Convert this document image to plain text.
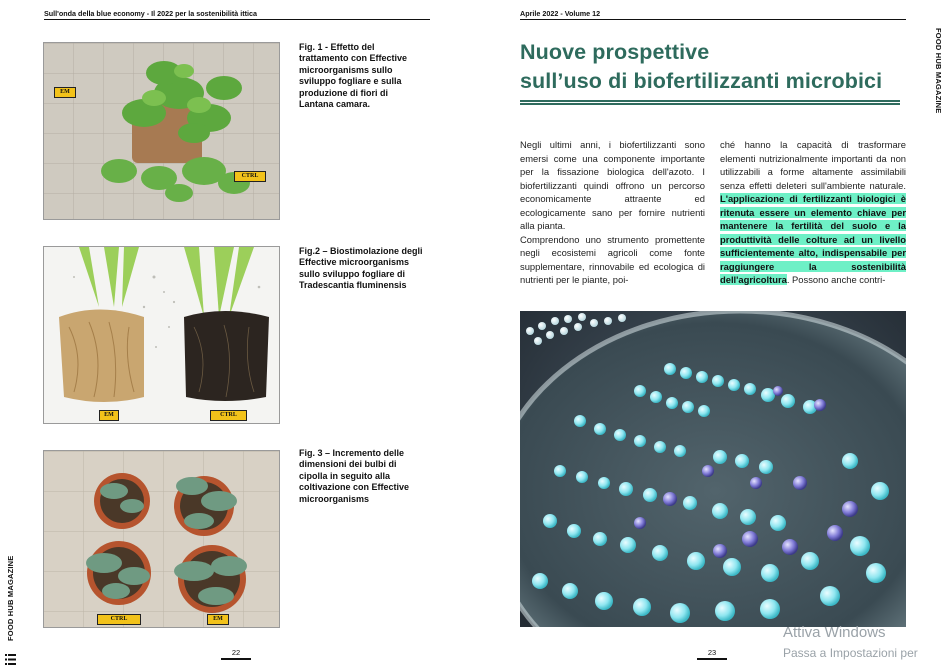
Sull'onda della blue economy - Il 2022 per la sostenibilità ittica
FOOD HUB MAGAZINE
EM
CTRL
Fig. 1 - Effetto del trattamento con Effective microorganisms sullo sviluppo fogliare e sulla produzione di fiori di Lantana camara.
EM	CTRL
Fig.2 – Biostimolazione degli Effective microorganisms sullo sviluppo fogliare di Tradescantia fluminensis
CTRL	EM
Fig. 3 – Incremento delle dimensioni dei bulbi di cipolla in seguito alla coltivazione con Effective microorganisms
22
Aprile 2022 - Volume 12
FOOD HUB MAGAZINE
Nuove prospettive
sull’uso di biofertilizzanti microbici

Negli ultimi anni, i biofertilizzanti sono emersi come una componente importante per la fissazione biologica dell'azoto. I biofertilizzanti quindi offrono un percorso economicamente attraente ed ecologicamente sano per fornire nutrienti alla pianta.

Comprendono uno strumento promettente negli ecosistemi agricoli come fonte supplementare, rinnovabile ed ecologica di nutrienti per le piante, poi-

ché hanno la capacità di trasformare elementi nutrizionalmente importanti da non utilizzabili a forme altamente assimilabili senza effetti deleteri sull'ambiente naturale. L'applicazione di fertilizzanti biologici è ritenuta essere un elemento chiave per mantenere la fertilità del suolo e la produttività delle colture ad un livello sufficientemente alto, indispensabile per raggiungere la sostenibilità dell'agricoltura. Possono anche contri-

23
Attiva Windows
Passa a Impostazioni per
